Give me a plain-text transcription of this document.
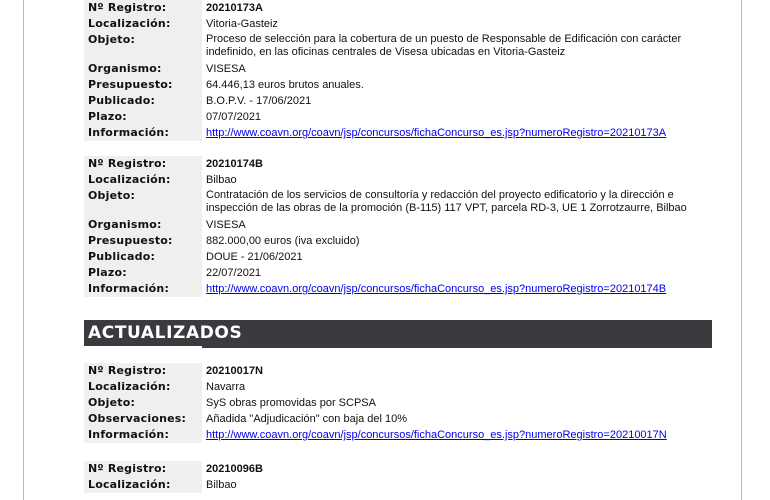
Nº Registro:	20210173A
Localización:	Vitoria-Gasteiz
Objeto:	Proceso de selección para la cobertura de un puesto de Responsable de Edificación con carácter indefinido, en las oficinas centrales de Visesa ubicadas en Vitoria-Gasteiz
Organismo:	VISESA
Presupuesto:	64.446,13 euros brutos anuales.
Publicado:	B.O.P.V. - 17/06/2021
Plazo:	07/07/2021
Información:	http://www.coavn.org/coavn/jsp/concursos/fichaConcurso_es.jsp?numeroRegistro=20210173A
Nº Registro:	20210174B
Localización:	Bilbao
Objeto:	Contratación de los servicios de consultoría y redacción del proyecto edificatorio y la dirección e inspección de las obras de la promoción (B-115) 117 VPT, parcela RD-3, UE 1 Zorrotzaurre, Bilbao
Organismo:	VISESA
Presupuesto:	882.000,00 euros (iva excluido)
Publicado:	DOUE - 21/06/2021
Plazo:	22/07/2021
Información:	http://www.coavn.org/coavn/jsp/concursos/fichaConcurso_es.jsp?numeroRegistro=20210174B
ACTUALIZADOS
Nº Registro:	20210017N
Localización:	Navarra
Objeto:	SyS obras promovidas por SCPSA
Observaciones:	Añadida "Adjudicación" con baja del 10%
Información:	http://www.coavn.org/coavn/jsp/concursos/fichaConcurso_es.jsp?numeroRegistro=20210017N
Nº Registro:	20210096B
Localización:	Bilbao
